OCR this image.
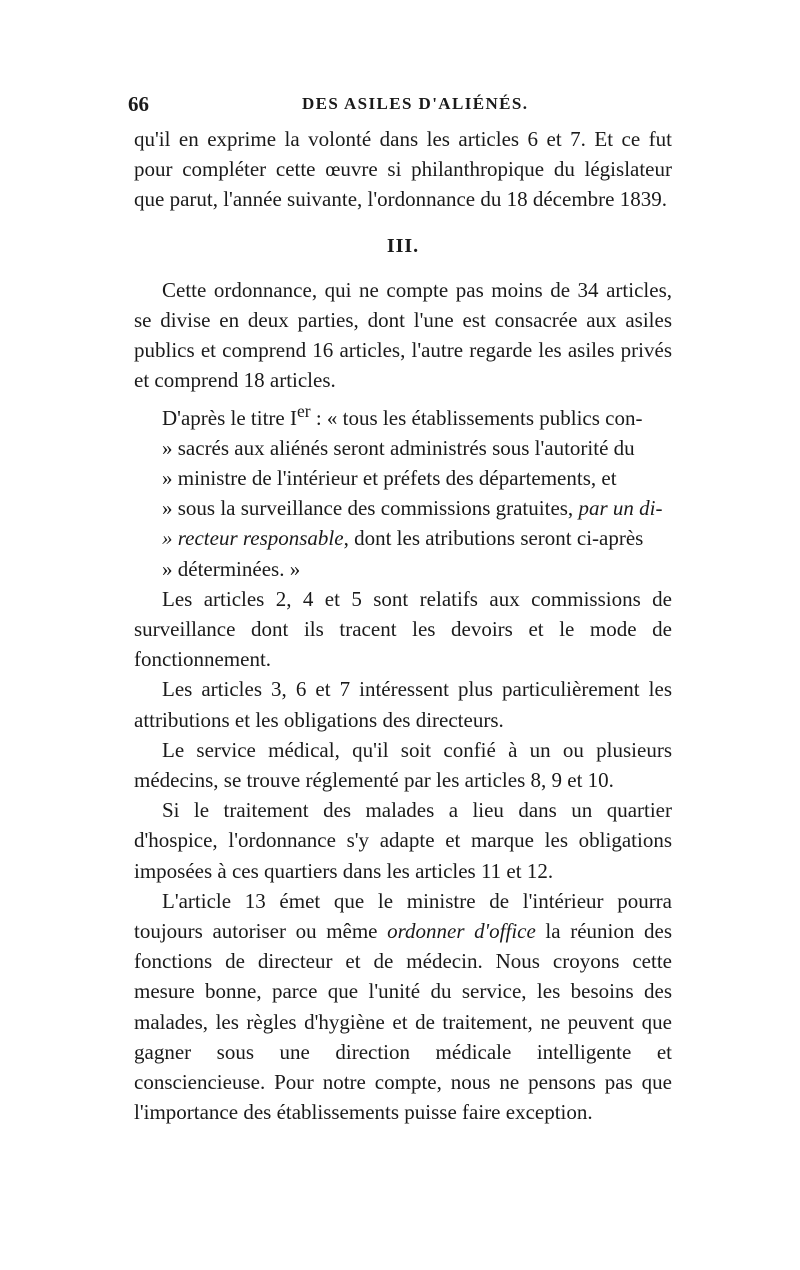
66	DES ASILES D'ALIÉNÉS.

qu'il en exprime la volonté dans les articles 6 et 7. Et ce fut pour compléter cette œuvre si philanthropique du législateur que parut, l'année suivante, l'ordonnance du 18 décembre 1839.

III.

Cette ordonnance, qui ne compte pas moins de 34 articles, se divise en deux parties, dont l'une est consacrée aux asiles publics et comprend 16 articles, l'autre regarde les asiles privés et comprend 18 articles.

D'après le titre Ier : « tous les établissements publics con-
» sacrés aux aliénés seront administrés sous l'autorité du
» ministre de l'intérieur et préfets des départements, et
» sous la surveillance des commissions gratuites, par un di-
» recteur responsable, dont les atributions seront ci-après
» déterminées. »

Les articles 2, 4 et 5 sont relatifs aux commissions de surveillance dont ils tracent les devoirs et le mode de fonctionnement.

Les articles 3, 6 et 7 intéressent plus particulièrement les attributions et les obligations des directeurs.

Le service médical, qu'il soit confié à un ou plusieurs médecins, se trouve réglementé par les articles 8, 9 et 10.

Si le traitement des malades a lieu dans un quartier d'hospice, l'ordonnance s'y adapte et marque les obligations imposées à ces quartiers dans les articles 11 et 12.

L'article 13 émet que le ministre de l'intérieur pourra toujours autoriser ou même ordonner d'office la réunion des fonctions de directeur et de médecin. Nous croyons cette mesure bonne, parce que l'unité du service, les besoins des malades, les règles d'hygiène et de traitement, ne peuvent que gagner sous une direction médicale intelligente et consciencieuse. Pour notre compte, nous ne pensons pas que l'importance des établissements puisse faire exception.
